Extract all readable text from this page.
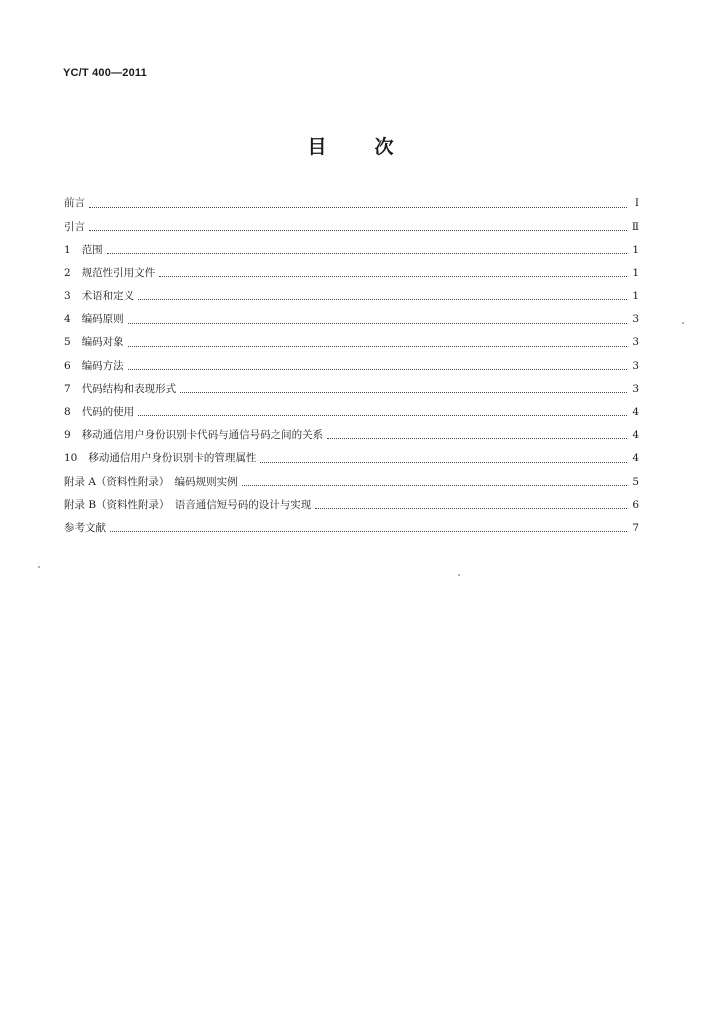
YC/T 400—2011
目	次
前言	Ⅰ
引言	Ⅱ
1 范围	1
2 规范性引用文件	1
3 术语和定义	1
4 编码原则	3
5 编码对象	3
6 编码方法	3
7 代码结构和表现形式	3
8 代码的使用	4
9 移动通信用户身份识别卡代码与通信号码之间的关系	4
10 移动通信用户身份识别卡的管理属性	4
附录 A（资料性附录）　编码规则实例	5
附录 B（资料性附录）　语音通信短号码的设计与实现	6
参考文献	7
